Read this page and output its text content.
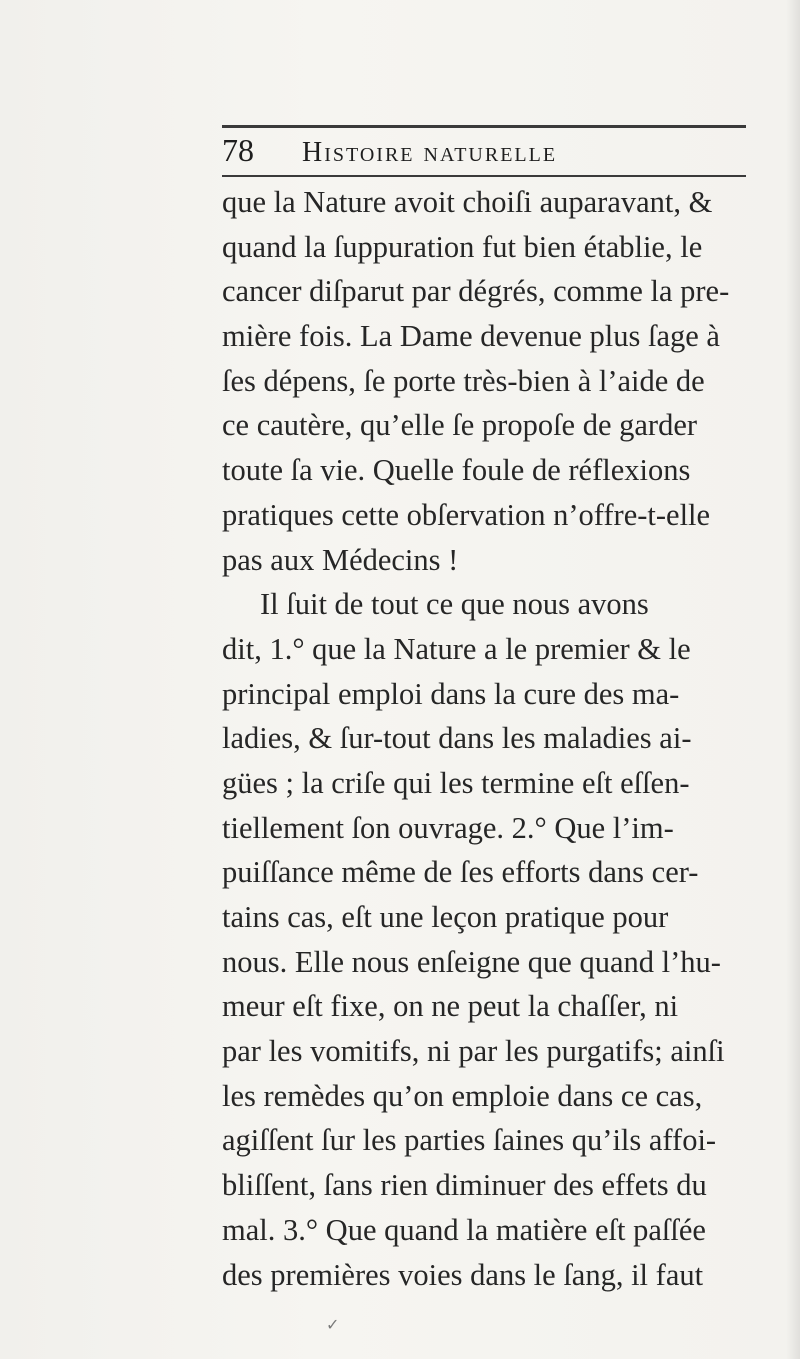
78	Histoire naturelle
que la Nature avoit choiſi auparavant, &
quand la ſuppuration fut bien établie, le
cancer diſparut par dégrés, comme la pre-
mière fois. La Dame devenue plus ſage à
ſes dépens, ſe porte très-bien à l’aide de
ce cautère, qu’elle ſe propoſe de garder
toute ſa vie. Quelle foule de réflexions
pratiques cette obſervation n’offre-t-elle
pas aux Médecins !
Il ſuit de tout ce que nous avons
dit, 1.° que la Nature a le premier & le
principal emploi dans la cure des ma-
ladies, & ſur-tout dans les maladies ai-
gües ; la criſe qui les termine eſt eſſen-
tiellement ſon ouvrage. 2.° Que l’im-
puiſſance même de ſes efforts dans cer-
tains cas, eſt une leçon pratique pour
nous. Elle nous enſeigne que quand l’hu-
meur eſt fixe, on ne peut la chaſſer, ni
par les vomitifs, ni par les purgatifs; ainſi
les remèdes qu’on emploie dans ce cas,
agiſſent ſur les parties ſaines qu’ils affoi-
bliſſent, ſans rien diminuer des effets du
mal. 3.° Que quand la matière eſt paſſée
des premières voies dans le ſang, il faut
✓
